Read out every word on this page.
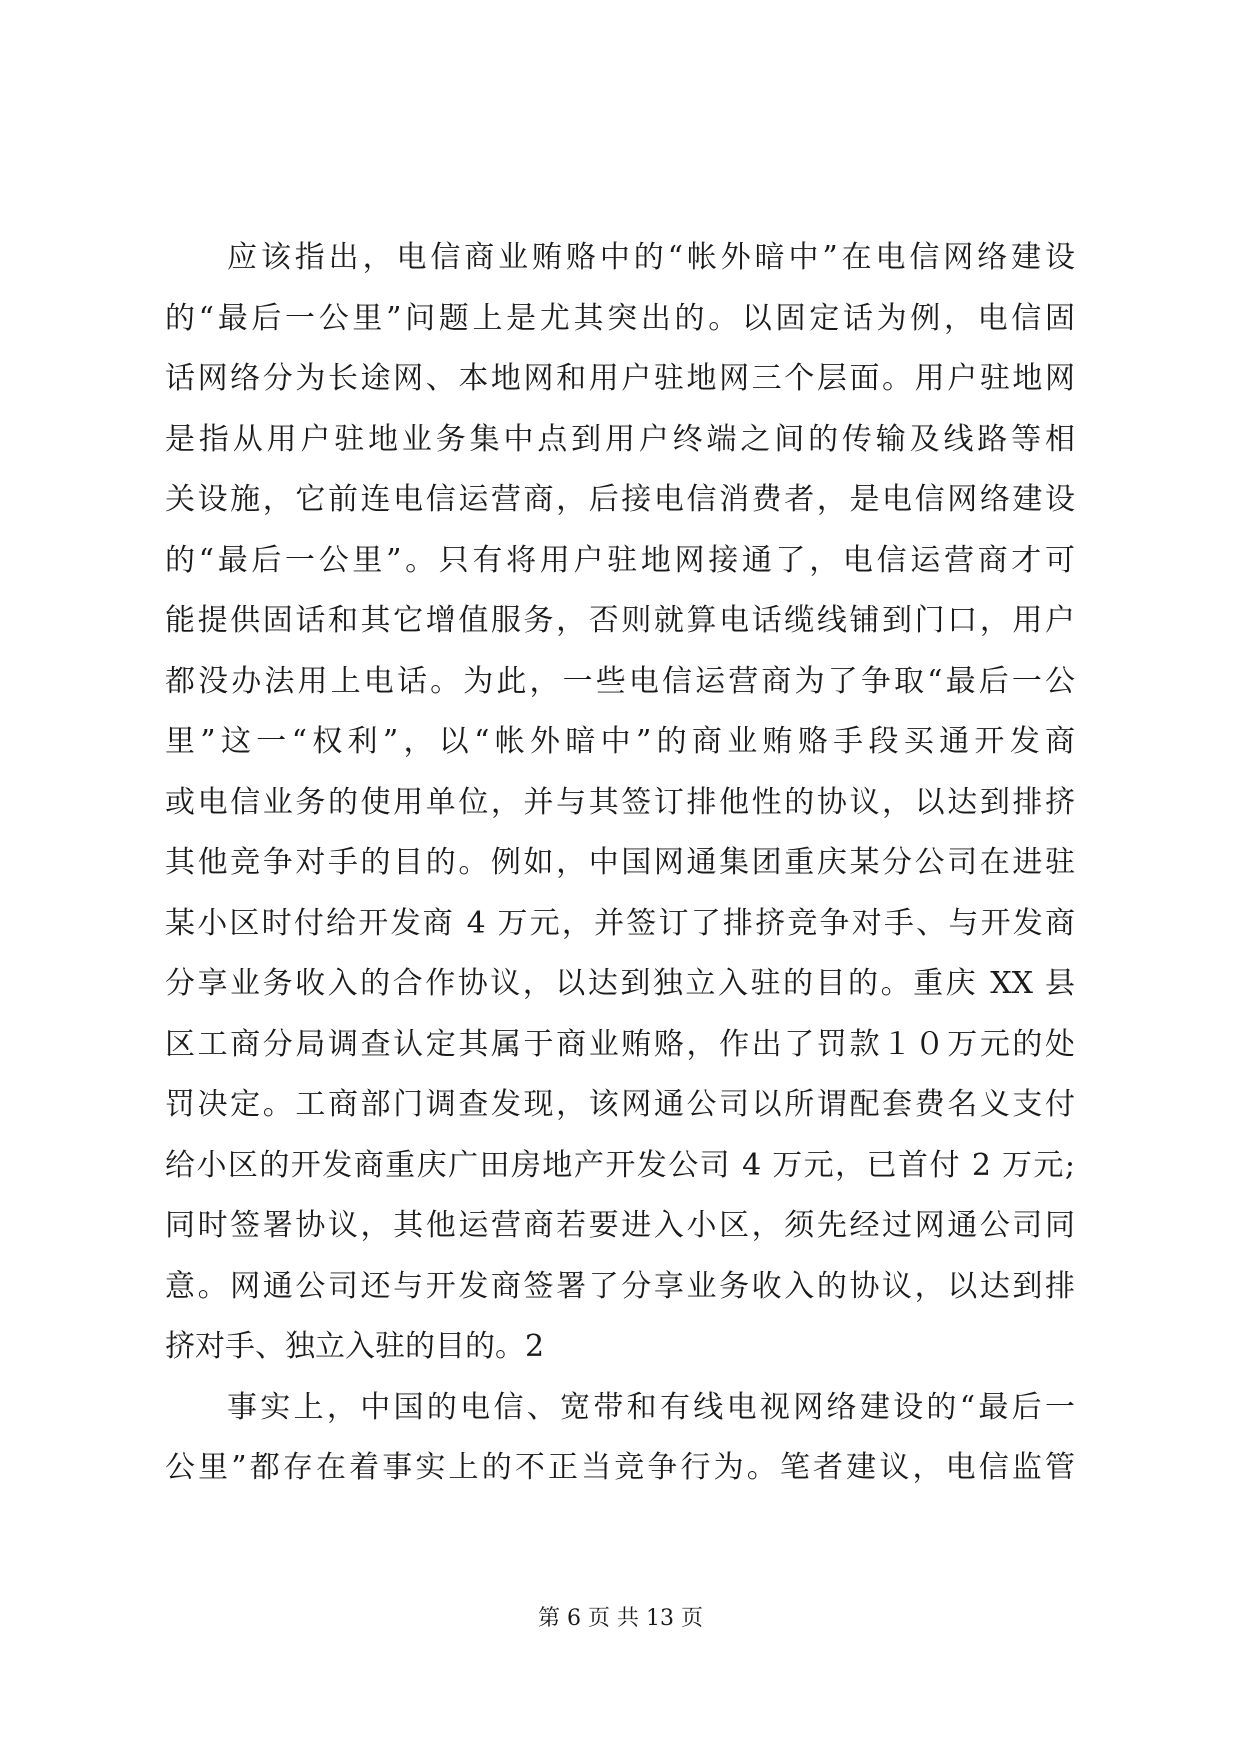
应该指出，电信商业贿赂中的“帐外暗中”在电信网络建设
的“最后一公里”问题上是尤其突出的。以固定话为例，电信固
话网络分为长途网、本地网和用户驻地网三个层面。用户驻地网
是指从用户驻地业务集中点到用户终端之间的传输及线路等相
关设施，它前连电信运营商，后接电信消费者，是电信网络建设
的“最后一公里”。只有将用户驻地网接通了，电信运营商才可
能提供固话和其它增值服务，否则就算电话缆线铺到门口，用户
都没办法用上电话。为此，一些电信运营商为了争取“最后一公
里”这一“权利”，以“帐外暗中”的商业贿赂手段买通开发商
或电信业务的使用单位，并与其签订排他性的协议，以达到排挤
其他竞争对手的目的。例如，中国网通集团重庆某分公司在进驻
某小区时付给开发商 4 万元，并签订了排挤竞争对手、与开发商
分享业务收入的合作协议，以达到独立入驻的目的。重庆 XX 县
区工商分局调查认定其属于商业贿赂，作出了罚款１０万元的处
罚决定。工商部门调查发现，该网通公司以所谓配套费名义支付
给小区的开发商重庆广田房地产开发公司 4 万元，已首付 2 万元;
同时签署协议，其他运营商若要进入小区，须先经过网通公司同
意。网通公司还与开发商签署了分享业务收入的协议，以达到排
挤对手、独立入驻的目的。2
事实上，中国的电信、宽带和有线电视网络建设的“最后一
公里”都存在着事实上的不正当竞争行为。笔者建议，电信监管
第 6 页 共 13 页
